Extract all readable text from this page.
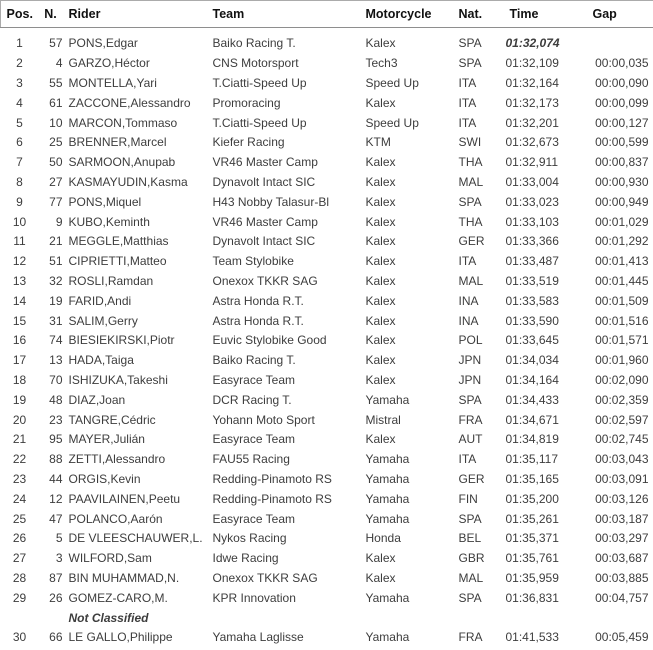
Pos.	N.	Rider	Team	Motorcycle	Nat.	Time	Gap

1	57	PONS,Edgar	Baiko Racing T.	Kalex	SPA	01:32,074	
2	4	GARZO,Héctor	CNS Motorsport	Tech3	SPA	01:32,109	00:00,035
3	55	MONTELLA,Yari	T.Ciatti-Speed Up	Speed Up	ITA	01:32,164	00:00,090
4	61	ZACCONE,Alessandro	Promoracing	Kalex	ITA	01:32,173	00:00,099
5	10	MARCON,Tommaso	T.Ciatti-Speed Up	Speed Up	ITA	01:32,201	00:00,127
6	25	BRENNER,Marcel	Kiefer Racing	KTM	SWI	01:32,673	00:00,599
7	50	SARMOON,Anupab	VR46 Master Camp	Kalex	THA	01:32,911	00:00,837
8	27	KASMAYUDIN,Kasma	Dynavolt Intact SIC	Kalex	MAL	01:33,004	00:00,930
9	77	PONS,Miquel	H43 Nobby Talasur-Bl	Kalex	SPA	01:33,023	00:00,949
10	9	KUBO,Keminth	VR46 Master Camp	Kalex	THA	01:33,103	00:01,029
11	21	MEGGLE,Matthias	Dynavolt Intact SIC	Kalex	GER	01:33,366	00:01,292
12	51	CIPRIETTI,Matteo	Team Stylobike	Kalex	ITA	01:33,487	00:01,413
13	32	ROSLI,Ramdan	Onexox TKKR SAG	Kalex	MAL	01:33,519	00:01,445
14	19	FARID,Andi	Astra Honda R.T.	Kalex	INA	01:33,583	00:01,509
15	31	SALIM,Gerry	Astra Honda R.T.	Kalex	INA	01:33,590	00:01,516
16	74	BIESIEKIRSKI,Piotr	Euvic Stylobike Good	Kalex	POL	01:33,645	00:01,571
17	13	HADA,Taiga	Baiko Racing T.	Kalex	JPN	01:34,034	00:01,960
18	70	ISHIZUKA,Takeshi	Easyrace Team	Kalex	JPN	01:34,164	00:02,090
19	48	DIAZ,Joan	DCR Racing T.	Yamaha	SPA	01:34,433	00:02,359
20	23	TANGRE,Cédric	Yohann Moto Sport	Mistral	FRA	01:34,671	00:02,597
21	95	MAYER,Julián	Easyrace Team	Kalex	AUT	01:34,819	00:02,745
22	88	ZETTI,Alessandro	FAU55 Racing	Yamaha	ITA	01:35,117	00:03,043
23	44	ORGIS,Kevin	Redding-Pinamoto RS	Yamaha	GER	01:35,165	00:03,091
24	12	PAAVILAINEN,Peetu	Redding-Pinamoto RS	Yamaha	FIN	01:35,200	00:03,126
25	47	POLANCO,Aarón	Easyrace Team	Yamaha	SPA	01:35,261	00:03,187
26	5	DE VLEESCHAUWER,L.	Nykos Racing	Honda	BEL	01:35,371	00:03,297
27	3	WILFORD,Sam	Idwe Racing	Kalex	GBR	01:35,761	00:03,687
28	87	BIN MUHAMMAD,N.	Onexox TKKR SAG	Kalex	MAL	01:35,959	00:03,885
29	26	GOMEZ-CARO,M.	KPR Innovation	Yamaha	SPA	01:36,831	00:04,757
		Not Classified					
30	66	LE GALLO,Philippe	Yamaha Laglisse	Yamaha	FRA	01:41,533	00:05,459
